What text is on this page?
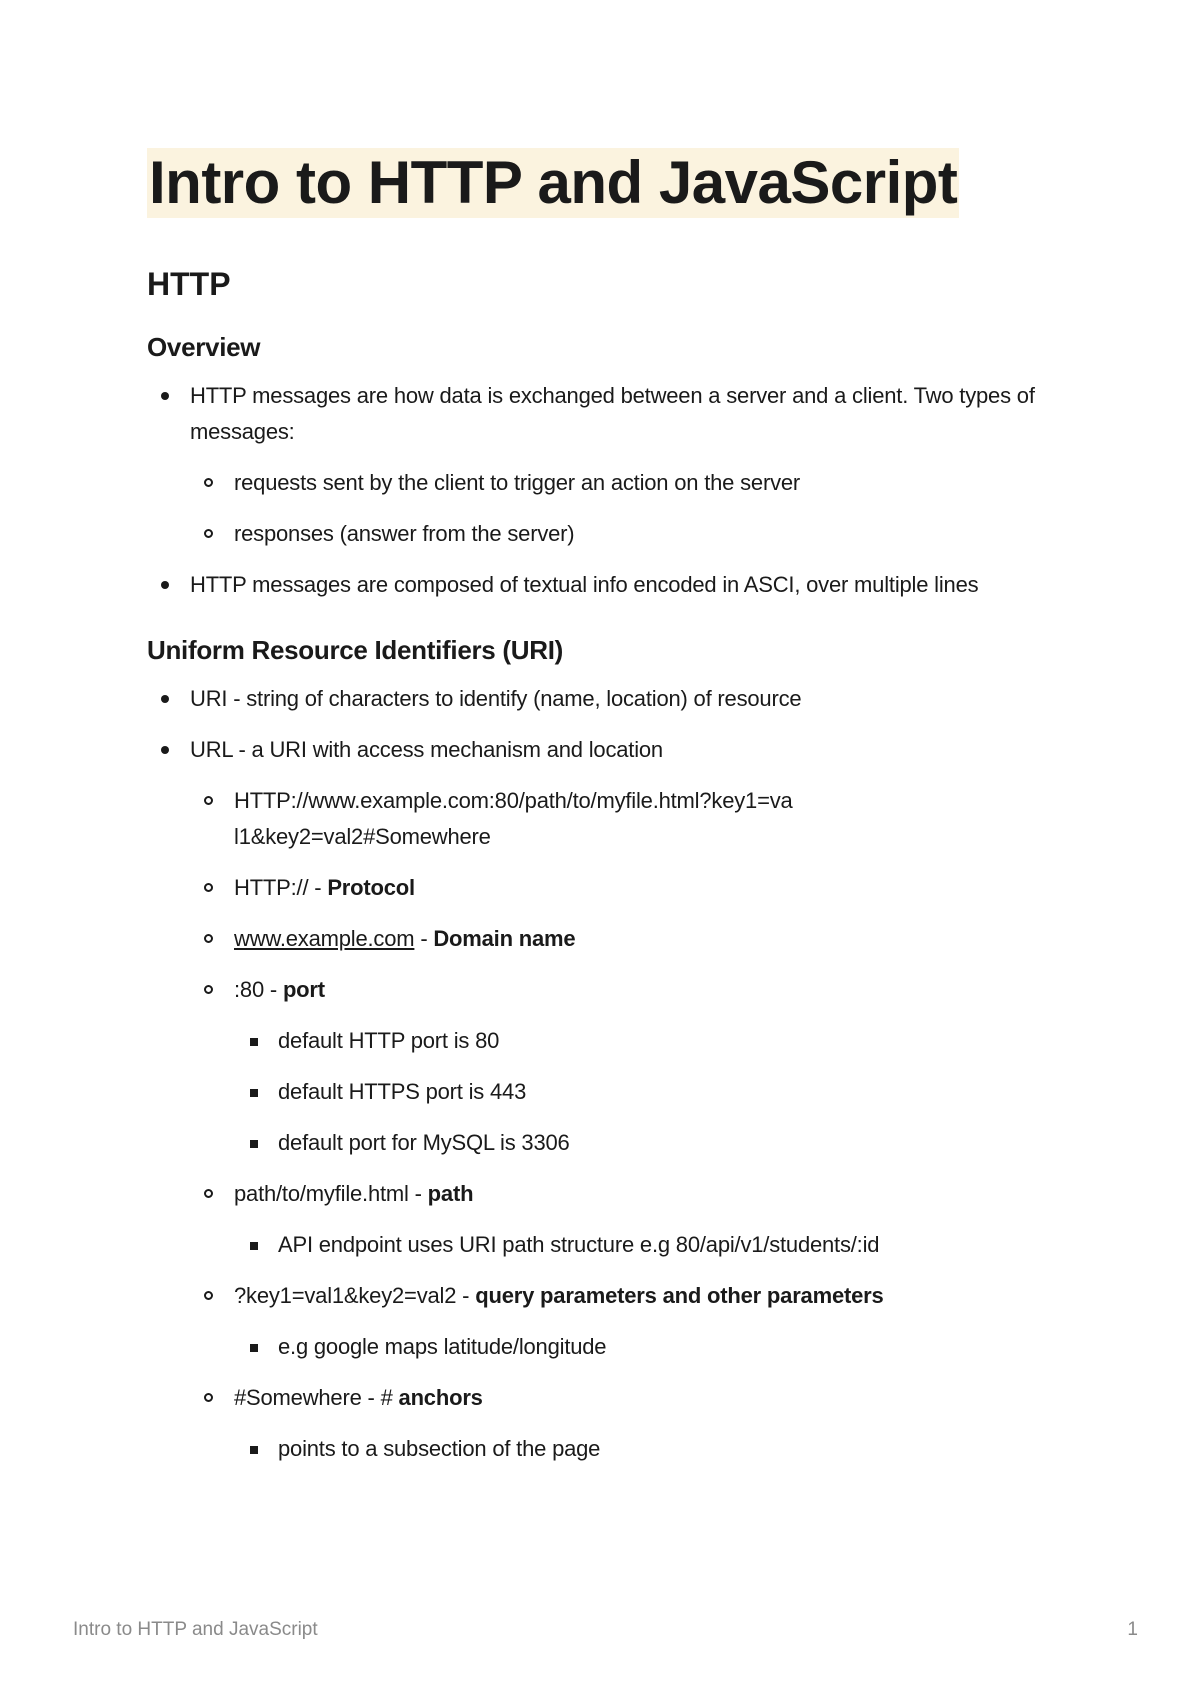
Intro to HTTP and JavaScript
HTTP
Overview
HTTP messages are how data is exchanged between a server and a client. Two types of messages:
requests sent by the client to trigger an action on the server
responses (answer from the server)
HTTP messages are composed of textual info encoded in ASCI, over multiple lines
Uniform Resource Identifiers (URI)
URI - string of characters to identify (name, location) of resource
URL - a URI with access mechanism and location
HTTP://www.example.com:80/path/to/myfile.html?key1=val1&key2=val2#Somewhere
HTTP:// - Protocol
www.example.com - Domain name
:80 - port
default HTTP port is 80
default HTTPS port is 443
default port for MySQL is 3306
path/to/myfile.html - path
API endpoint uses URI path structure e.g 80/api/v1/students/:id
?key1=val1&key2=val2 - query parameters and other parameters
e.g google maps latitude/longitude
#Somewhere - # anchors
points to a subsection of the page
Intro to HTTP and JavaScript	1
